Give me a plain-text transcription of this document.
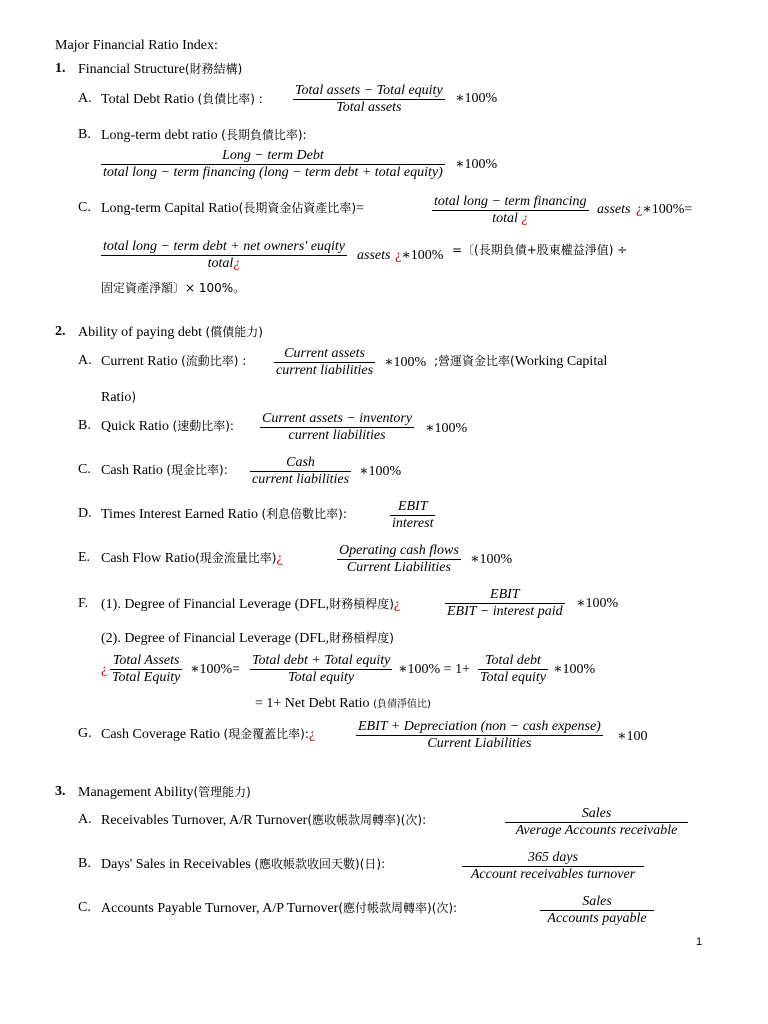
Major Financial Ratio Index:
1. Financial Structure(財務結構)
A. Total Debt Ratio (負債比率) :
Total assets − Total equity
Total assets
∗100%
B. Long-term debt ratio (長期負債比率):
Long − term Debt
total long − term financing (long − term debt + total equity)
∗100%
C. Long-term Capital Ratio(長期資金佔資產比率)=	total long − term financing
total ¿
assets ¿∗100%=
total long − term debt + net owners' euqity
total¿
assets ¿∗100% =〔(長期負債+股東權益淨值) ÷
固定資產淨額〕× 100%。
2. Ability of paying debt (償債能力)
A. Current Ratio (流動比率) :	Current assets
current liabilities
∗100% ;營運資金比率(Working Capital
Ratio)
B. Quick Ratio (速動比率): Current assets − inventory
current liabilities	∗100%
C. Cash Ratio (現金比率):	Cash
current liabilities
∗100%
D. Times Interest Earned Ratio (利息倍數比率):	EBIT
interest
E. Cash Flow Ratio(現金流量比率)¿
Operating cash flows
Current Liabilities
∗100%
F. (1). Degree of Financial Leverage (DFL,財務槓桿度)¿
EBIT
EBIT − interest paid
∗100%
(2). Degree of Financial Leverage (DFL,財務槓桿度)
¿
Total Assets
Total Equity
∗100%=
Total debt + Total equity
Total equity
∗100% = 1+
Total debt
Total equity
∗100%
= 1+ Net Debt Ratio (負債淨值比)
G. Cash Coverage Ratio (現金覆蓋比率):¿
EBIT + Depreciation (non − cash expense)
Current Liabilities	∗100
3. Management Ability(管理能力)
A. Receivables Turnover, A/R Turnover(應收帳款周轉率)(次):	Sales
Average Accounts receivable
B. Days' Sales in Receivables (應收帳款收回天數)(日):	365 days
Account receivables turnover
C. Accounts Payable Turnover, A/P Turnover(應付帳款周轉率)(次):	Sales
Accounts payable
1
